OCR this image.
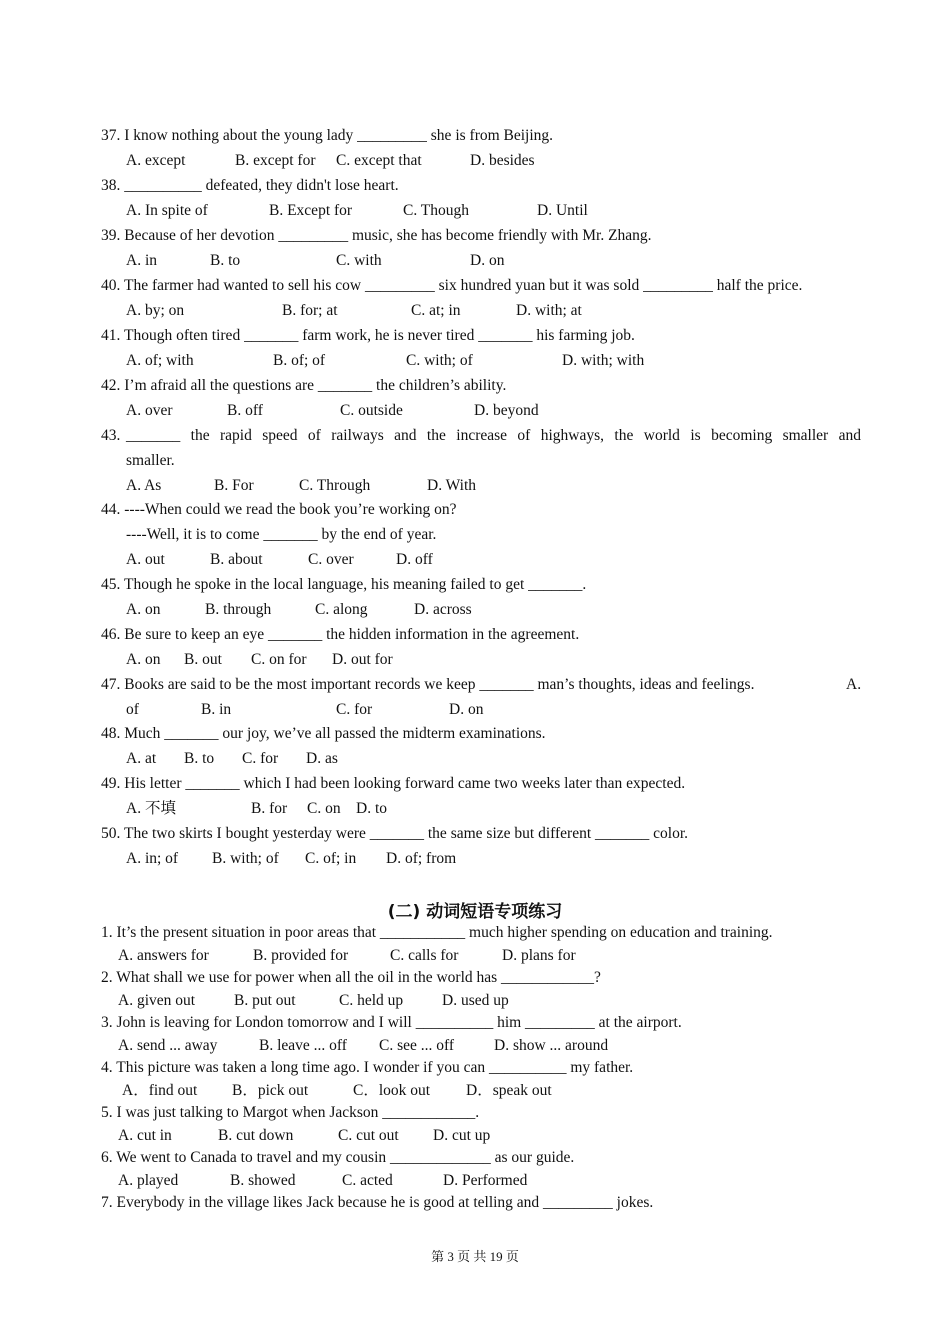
37. I know nothing about the young lady _________ she is from Beijing.
A. except	B. except for C. except that	D. besides
38. __________ defeated, they didn't lose heart.
A. In spite of	B. Except for	C. Though	D. Until
39. Because of her devotion _________ music, she has become friendly with Mr. Zhang.
A. in	B. to	C. with	D. on
40. The farmer had wanted to sell his cow _________ six hundred yuan but it was sold _________ half the price.
A. by; on	B. for; at	C. at; in	D. with; at
41. Though often tired _______ farm work, he is never tired _______ his farming job.
A. of; with	B. of; of	C. with; of	D. with; with
42. I’m afraid all the questions are _______ the children’s ability.
A. over	B. off	C. outside	D. beyond
43. _______ the rapid speed of railways and the increase of highways, the world is becoming smaller and
smaller.
A. As	B. For	C. Through	D. With
44. ----When could we read the book you’re working on?
----Well, it is to come _______ by the end of year.
A. out	B. about	C. over	D. off
45. Though he spoke in the local language, his meaning failed to get _______.
A. on	B. through	C. along	D. across
46. Be sure to keep an eye _______ the hidden information in the agreement.
A. on B. out C. on for D. out for
47. Books are said to be the most important records we keep _______ man’s thoughts, ideas and feelings.	A.
of	B. in	C. for	D. on
48. Much _______ our joy, we’ve all passed the midterm examinations.
A. at B. to C. for D. as
49. His letter _______ which I had been looking forward came two weeks later than expected.
A. 不填	B. for C. on D. to
50. The two skirts I bought yesterday were _______ the same size but different _______ color.
A. in; of B. with; of C. of; in D. of; from
(二) 动词短语专项练习
1. It’s the present situation in poor areas that ___________ much higher spending on education and training.
A. answers for	B. provided for	C. calls for	D. plans for
2. What shall we use for power when all the oil in the world has ____________?
A. given out	B. put out	C. held up	D. used up
3. John is leaving for London tomorrow and I will __________ him _________ at the airport.
A. send ... away	B. leave ... off C. see ... off	D. show ... around
4. This picture was taken a long time ago. I wonder if you can __________ my father.
A．find out B．pick out	C．look out D．speak out
5. I was just talking to Margot when Jackson ____________.
A. cut in	B. cut down	C. cut out D. cut up
6. We went to Canada to travel and my cousin _____________ as our guide.
A. played	B. showed	C. acted	D. Performed
7. Everybody in the village likes Jack because he is good at telling and _________ jokes.
第 3 页 共 19 页
